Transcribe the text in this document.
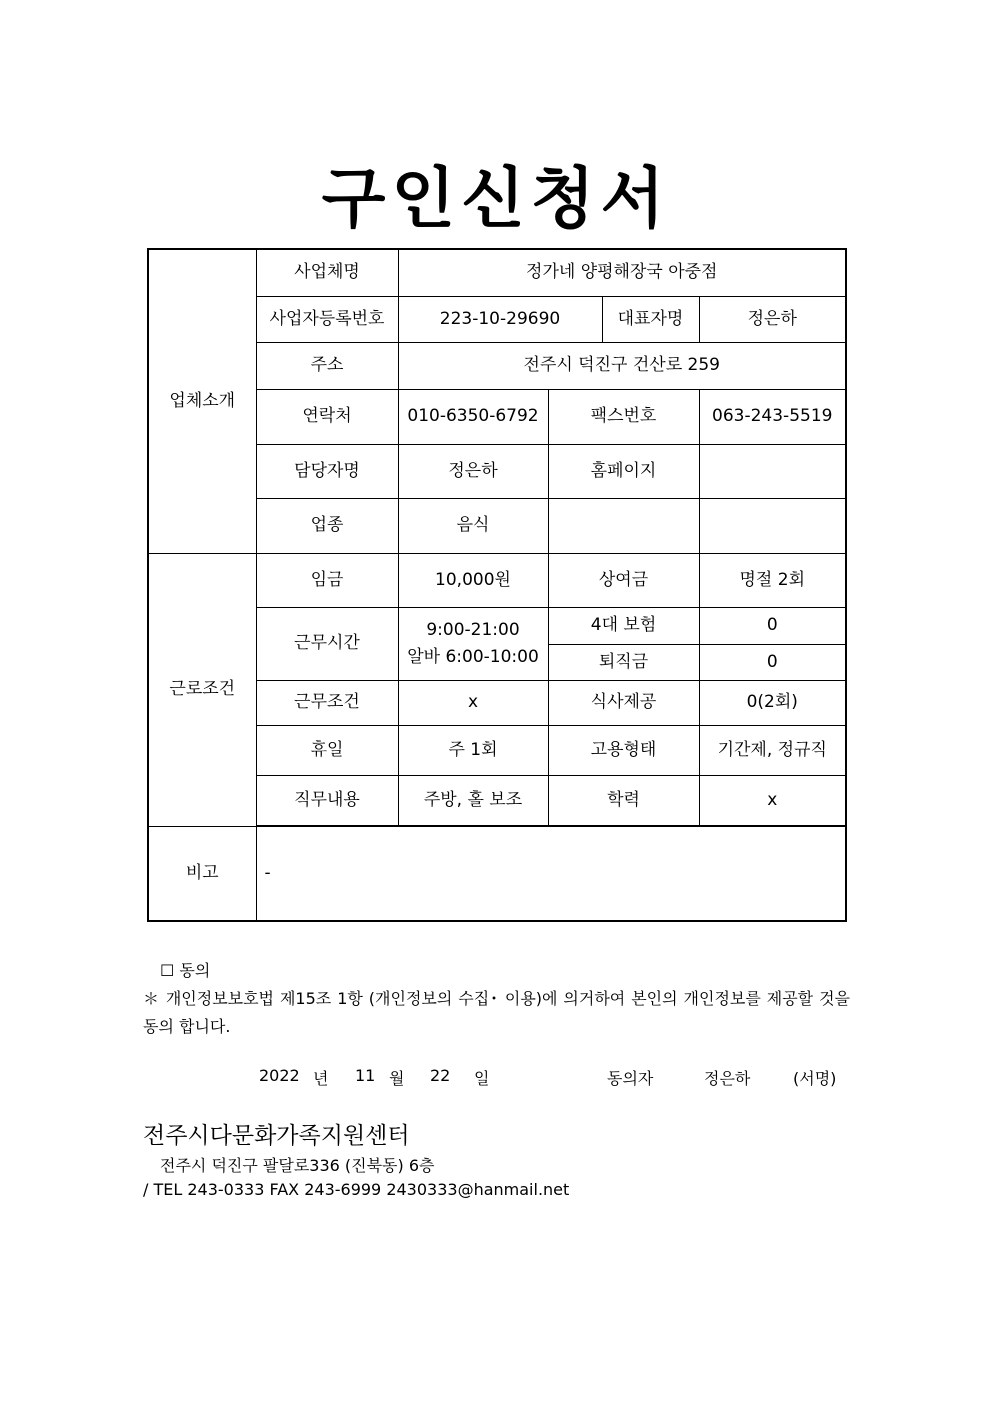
구인신청서
업체소개	사업체명	정가네 양평해장국 아중점			
	사업자등록번호	223-10-29690		대표자명	정은하
	주소	전주시 덕진구 건산로 259			
	연락처	010-6350-6792	팩스번호		063-243-5519
	담당자명	정은하	홈페이지		
	업종	음식			
근로조건	임금	10,000원	상여금		명절 2회
	근무시간	9:00-21:00
알바 6:00-10:00	4대 보험		0
			퇴직금		0
	근무조건	x	식사제공		0(2회)
	휴일	주 1회	고용형태		기간제, 정규직
	직무내용	주방, 홀 보조	학력		x

비고	-				
☐ 동의
＊ 개인정보보호법 제15조 1항 (개인정보의 수집･ 이용)에 의거하여 본인의 개인정보를 제공할 것을 동의 합니다.
2022 년 11 월 22 일	동의자	정은하	(서명)
전주시다문화가족지원센터
전주시 덕진구 팔달로336 (진북동) 6층
/ TEL 243-0333 FAX 243-6999 2430333@hanmail.net
